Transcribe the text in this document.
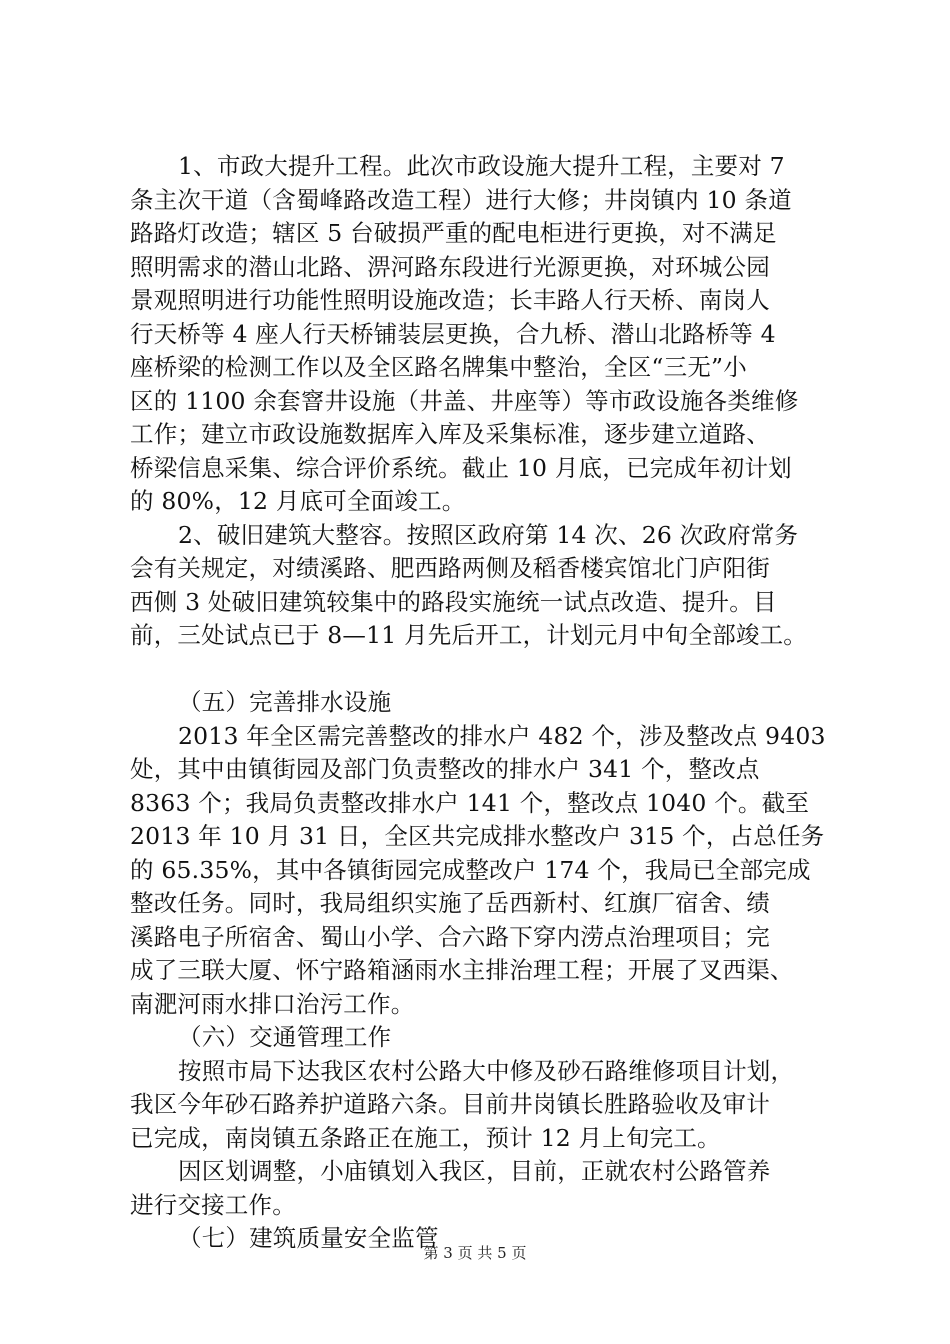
1、市政大提升工程。此次市政设施大提升工程，主要对 7
条主次干道（含蜀峰路改造工程）进行大修；井岗镇内 10 条道
路路灯改造；辖区 5 台破损严重的配电柜进行更换，对不满足
照明需求的潜山北路、淠河路东段进行光源更换，对环城公园
景观照明进行功能性照明设施改造；长丰路人行天桥、南岗人
行天桥等 4 座人行天桥铺装层更换，合九桥、潜山北路桥等 4
座桥梁的检测工作以及全区路名牌集中整治，全区“三无”小
区的 1100 余套窨井设施（井盖、井座等）等市政设施各类维修
工作；建立市政设施数据库入库及采集标准，逐步建立道路、
桥梁信息采集、综合评价系统。截止 10 月底，已完成年初计划
的 80%，12 月底可全面竣工。
2、破旧建筑大整容。按照区政府第 14 次、26 次政府常务
会有关规定，对绩溪路、肥西路两侧及稻香楼宾馆北门庐阳街
西侧 3 处破旧建筑较集中的路段实施统一试点改造、提升。目
前，三处试点已于 8—11 月先后开工，计划元月中旬全部竣工。
（五）完善排水设施
2013 年全区需完善整改的排水户 482 个，涉及整改点 9403
处，其中由镇街园及部门负责整改的排水户 341 个，整改点
8363 个；我局负责整改排水户 141 个，整改点 1040 个。截至
2013 年 10 月 31 日，全区共完成排水整改户 315 个，占总任务
的 65.35%，其中各镇街园完成整改户 174 个，我局已全部完成
整改任务。同时，我局组织实施了岳西新村、红旗厂宿舍、绩
溪路电子所宿舍、蜀山小学、合六路下穿内涝点治理项目；完
成了三联大厦、怀宁路箱涵雨水主排治理工程；开展了叉西渠、
南淝河雨水排口治污工作。
（六）交通管理工作
按照市局下达我区农村公路大中修及砂石路维修项目计划，
我区今年砂石路养护道路六条。目前井岗镇长胜路验收及审计
已完成，南岗镇五条路正在施工，预计 12 月上旬完工。
因区划调整，小庙镇划入我区，目前，正就农村公路管养
进行交接工作。
（七）建筑质量安全监管
第 3 页 共 5 页
